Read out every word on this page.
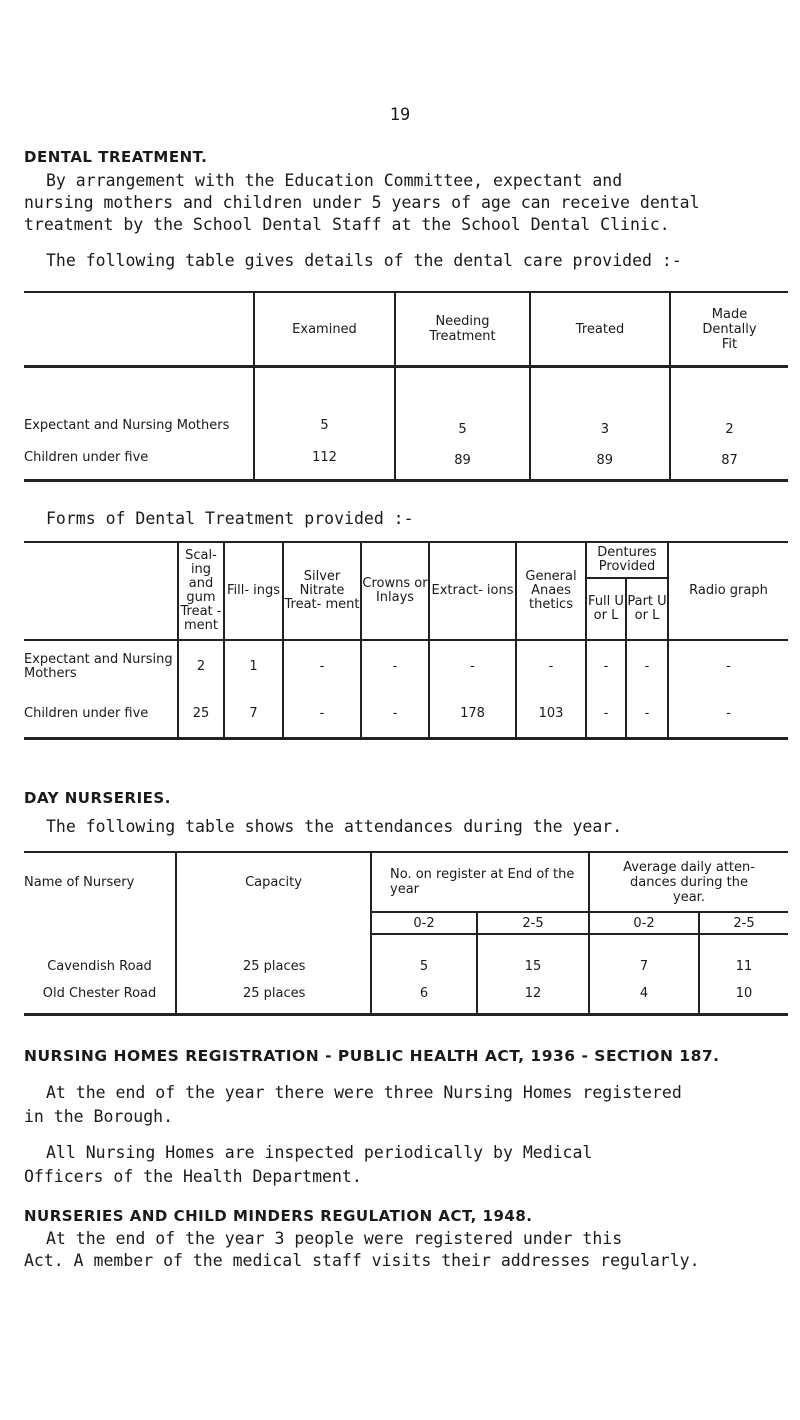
19
DENTAL TREATMENT.
By arrangement with the Education Committee, expectant and
nursing mothers and children under 5 years of age can receive dental
treatment by the School Dental Staff at the School Dental Clinic.
The following table gives details of the dental care provided :-
	Examined	Needing Treatment	Treated	Made Dentally Fit
Expectant and Nursing Mothers	5	5	3	2
Children under five	112	89	89	87
Forms of Dental Treatment provided :-
	Scal- ing and gum Treat -ment	Fill- ings	Silver Nitrate Treat- ment	Crowns or Inlays	Extract- ions	General Anaes thetics	Dentures Provided		Radio graph
							Full U or L	Part U or L	
Expectant and Nursing Mothers	2	1	-	-	-	-	-	-	-
Children under five	25	7	-	-	178	103	-	-	-
DAY NURSERIES.
The following table shows the attendances during the year.
Name of Nursery	Capacity	No. on register at End of the year		Average daily atten- dances during the year.	
		0-2	2-5	0-2	2-5
Cavendish Road	25 places	5	15	7	11
Old Chester Road	25 places	6	12	4	10
NURSING HOMES REGISTRATION - PUBLIC HEALTH ACT, 1936 - SECTION 187.
At the end of the year there were three Nursing Homes registered
in the Borough.
All Nursing Homes are inspected periodically by Medical
Officers of the Health Department.
NURSERIES AND CHILD MINDERS REGULATION ACT, 1948.
At the end of the year 3 people were registered under this
Act. A member of the medical staff visits their addresses regularly.
